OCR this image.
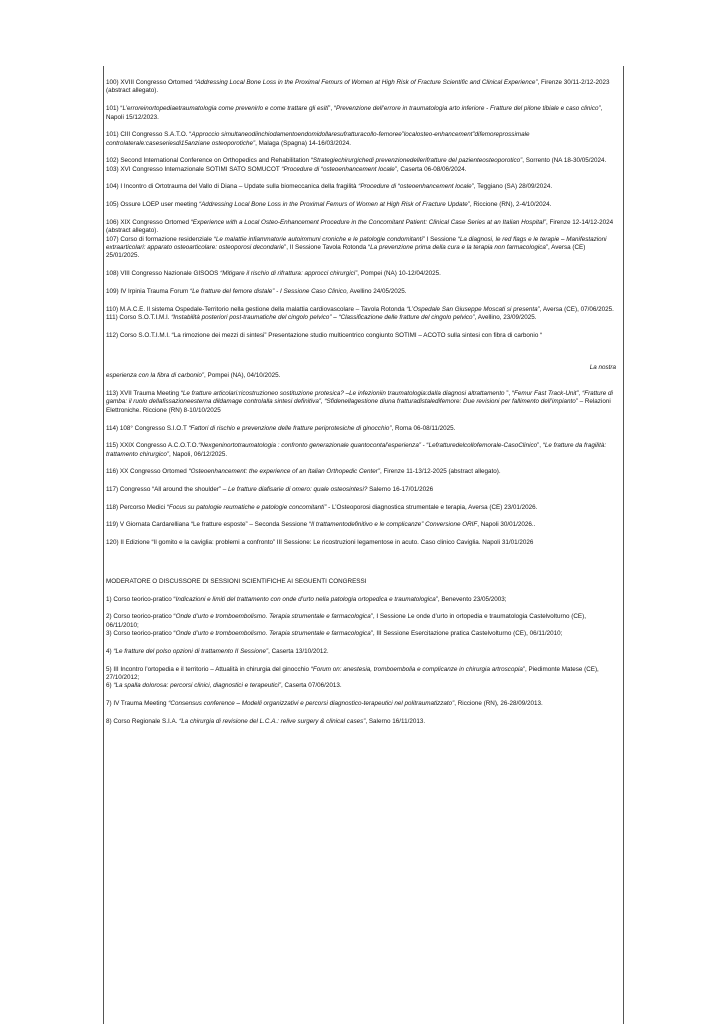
100) XVIII Congresso Ortomed “Addressing Local Bone Loss in the Proximal Femurs of Women at High Risk of Fracture Scientific and Clinical Experience”, Firenze 30/11-2/12-2023 (abstract allegato).

101) “L’erroreinortopediaetraumatologia come prevenirlo e come trattare gli esiti”, “Prevenzione dell’errore in traumatologia arto inferiore - Fratture del pilone tibiale e caso clinico”, Napoli 15/12/2023.

101) CIII Congresso S.A.T.O. “Approccio simultaneodiinchiodamentoendomidollaresufratturacollo-femoree”localosteo-enhancement”difemoreprossimale controlaterale:caseseriesdi15anziane osteoporotiche”, Malaga (Spagna) 14-16/03/2024.

102) Second International Conference on Orthopedics and Rehabilitation “Strategiechirurgichedi prevenzionedellerifratture del pazienteosteoporotico”, Sorrento (NA 18-30/05/2024.

103) XVI Congresso Internazionale SOTIMI SATO SOMUCOT “Procedure di “osteoenhancement locale”, Caserta 06-08/06/2024.

104) I Incontro di Ortotrauma del Vallo di Diana – Update sulla biomeccanica della fragilità “Procedure di “osteoenhancement locale”, Teggiano (SA) 28/09/2024.

105) Ossure LOEP user meeting “Addressing Local Bone Loss in the Proximal Femurs of Women at High Risk of Fracture Update”, Riccione (RN), 2-4/10/2024.

106) XIX Congresso Ortomed “Experience with a Local Osteo-Enhancement Procedure in the Concomitant Patient: Clinical Case Series at an Italian Hospital”, Firenze 12-14/12-2024 (abstract allegato).

107) Corso di formazione residenziale “Le malattie infiammatorie autoimmuni croniche e le patologie condomitanti” I Sessione “La diagnosi, le red flags e le terapie – Manifestazioni extraarticolari: apparato osteoarticolare: osteoporosi decondarie”, II Sessione Tavola Rotonda “La prevenzione prima della cura e la terapia non farmacologica”, Aversa (CE) 25/01/2025.

108) VIII Congresso Nazionale GISOOS “Mitigare il rischio di rifrattura: approcci chirurgici”, Pompei (NA) 10-12/04/2025.

109) IV Irpinia Trauma Forum “Le fratture del femore distale” - I Sessione Caso Clinico, Avellino 24/05/2025.

110) M.A.C.E. Il sistema Ospedale-Territorio nella gestione della malattia cardiovascolare – Tavola Rotonda “L’Ospedale San Giuseppe Moscati si presenta”, Aversa (CE), 07/06/2025.

111) Corso S.O.T.I.M.I. “Instabilità posteriori post-traumatiche del cingolo pelvico” – “Classificazione delle fratture del cingolo pelvico”, Avellino, 23/09/2025.

112) Corso S.O.T.I.M.I. “La rimozione dei mezzi di sintesi” Presentazione studio multicentrico congiunto SOTIMI – ACOTO sulla sintesi con fibra di carbonio “

La nostra

esperienza con la fibra di carbonio”, Pompei (NA), 04/10/2025.

113) XVII Trauma Meeting “Le fratture articolari:ricostruzioneo sostituzione protesica? –Le infezioniin traumatologia:dalla diagnosi altrattamento ”, “Femur Fast Track-Unit”, “Fratture di gamba: il ruolo dellafissazioneesterna dildamage controlalla sintesi definitiva”, “Sfidenellagestione diuna fratturadistaledifemore: Due revisioni per fallimento dell’impianto” – Relazioni Elettroniche. Riccione (RN) 8-10/10/2025

114) 108° Congresso S.I.O.T “Fattori di rischio e prevenzione delle fratture periprotesiche di ginocchio”, Roma 06-08/11/2025.

115) XXIX Congresso A.C.O.T.O.“Nexgeninortotraumatologia : confronto generazionale quantocontal’esperienza” - “Lefratturedelcollofemorale-CasoClinico”, “Le fratture da fragilità: trattamento chirurgico”, Napoli, 06/12/2025.

116) XX Congresso Ortomed “Osteoenhancement: the experience of an Italian Orthopedic Center”, Firenze 11-13/12-2025 (abstract allegato).

117) Congresso “All around the shoulder” – Le fratture diafisarie di omero: quale osteosintesi? Salerno 16-17/01/2026

118) Percorso Medici “Focus su patologie reumatiche e patologie concomitanti” - L’Osteoporosi diagnostica strumentale e terapia, Aversa (CE) 23/01/2026.

119) V Giornata Cardarelliana “Le fratture esposte” – Seconda Sessione “Il trattamentodefinitivo e le complicanze” Conversione ORIF, Napoli 30/01/2026..

120) II Edizione “Il gomito e la caviglia: problemi a confronto” III Sessione: Le ricostruzioni legamentose in acuto. Caso clinico Caviglia. Napoli 31/01/2026

MODERATORE O DISCUSSORE DI SESSIONI SCIENTIFICHE AI SEGUENTI CONGRESSI

1) Corso teorico-pratico “Indicazioni e limiti del trattamento con onde d’urto nella patologia ortopedica e traumatologica”, Benevento 23/05/2003;

2) Corso teorico-pratico “Onde d’urto e tromboembolismo. Terapia strumentale e farmacologica”, I Sessione Le onde d’urto in ortopedia e traumatologia Castelvolturno (CE), 06/11/2010;

3) Corso teorico-pratico “Onde d’urto e tromboembolismo. Terapia strumentale e farmacologica”, III Sessione Esercitazione pratica Castelvolturno (CE), 06/11/2010;

4) “Le fratture del polso opzioni di trattamento II Sessione”, Caserta 13/10/2012.

5) III Incontro l’ortopedia e il territorio – Attualità in chirurgia del ginocchio “Forum on: anestesia, tromboembolia e complicanze in chirurgia artroscopia”, Piedimonte Matese (CE), 27/10/2012;

6) “La spalla dolorosa: percorsi clinici, diagnostici e terapeutici”, Caserta 07/06/2013.

7) IV Trauma Meeting “Consensus conference – Modelli organizzativi e percorsi diagnostico-terapeutici nel politraumatizzato”, Riccione (RN), 26-28/09/2013.

8) Corso Regionale S.I.A. “La chirurgia di revisione del L.C.A.: relive surgery & clinical cases”, Salerno 16/11/2013.
